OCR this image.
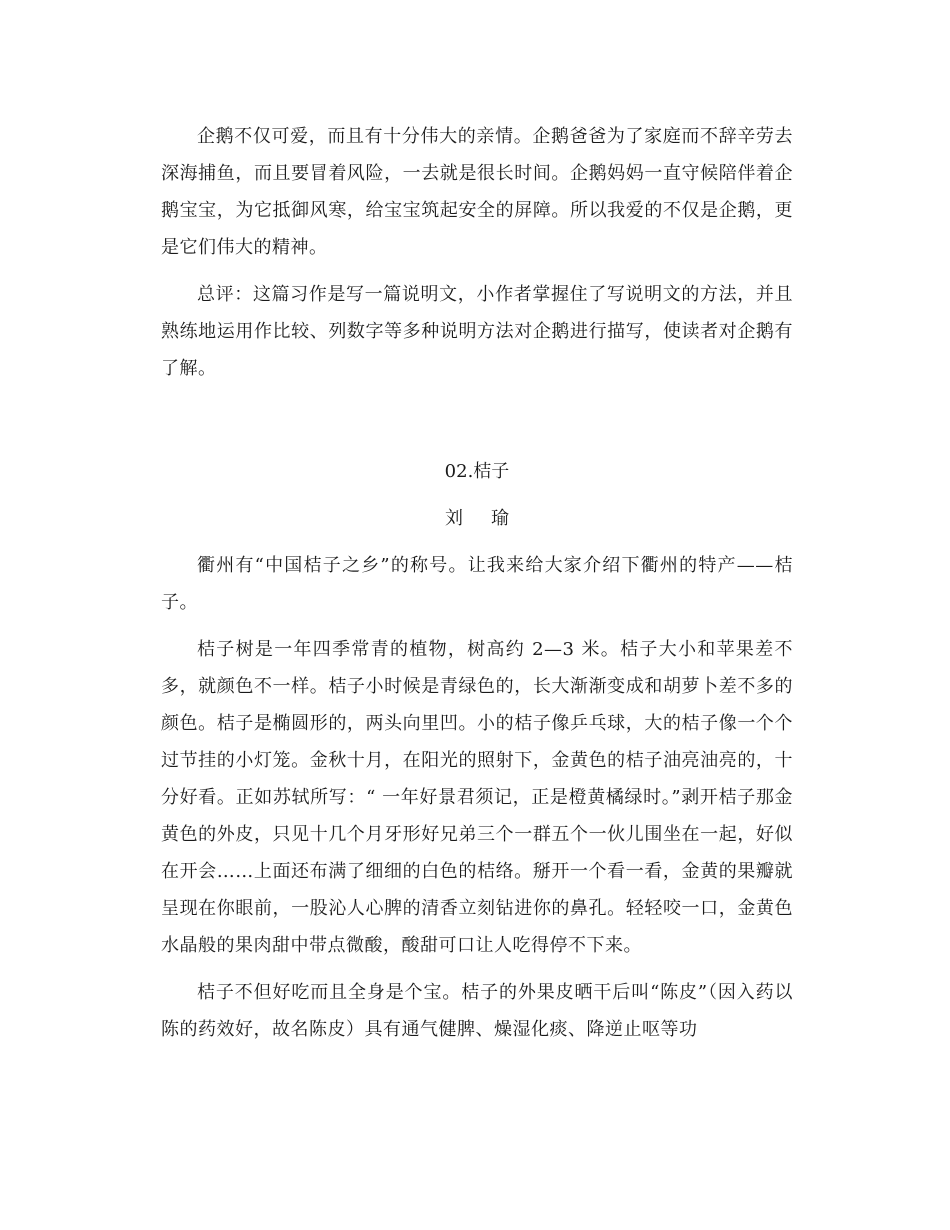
企鹅不仅可爱，而且有十分伟大的亲情。企鹅爸爸为了家庭而不辞辛劳去深海捕鱼，而且要冒着风险，一去就是很长时间。企鹅妈妈一直守候陪伴着企鹅宝宝，为它抵御风寒，给宝宝筑起安全的屏障。所以我爱的不仅是企鹅，更是它们伟大的精神。

总评：这篇习作是写一篇说明文，小作者掌握住了写说明文的方法，并且熟练地运用作比较、列数字等多种说明方法对企鹅进行描写，使读者对企鹅有了解。

02.桔子

刘瑜

衢州有“中国桔子之乡”的称号。让我来给大家介绍下衢州的特产——桔子。

桔子树是一年四季常青的植物，树高约 2—3 米。桔子大小和苹果差不多，就颜色不一样。桔子小时候是青绿色的，长大渐渐变成和胡萝卜差不多的颜色。桔子是椭圆形的，两头向里凹。小的桔子像乒乓球，大的桔子像一个个过节挂的小灯笼。金秋十月，在阳光的照射下，金黄色的桔子油亮油亮的，十分好看。正如苏轼所写：“ 一年好景君须记，正是橙黄橘绿时。”剥开桔子那金黄色的外皮，只见十几个月牙形好兄弟三个一群五个一伙儿围坐在一起，好似在开会……上面还布满了细细的白色的桔络。掰开一个看一看，金黄的果瓣就呈现在你眼前，一股沁人心脾的清香立刻钻进你的鼻孔。轻轻咬一口，金黄色水晶般的果肉甜中带点微酸，酸甜可口让人吃得停不下来。

桔子不但好吃而且全身是个宝。桔子的外果皮晒干后叫“陈皮”（因入药以陈的药效好，故名陈皮）具有通气健脾、燥湿化痰、降逆止呕等功
